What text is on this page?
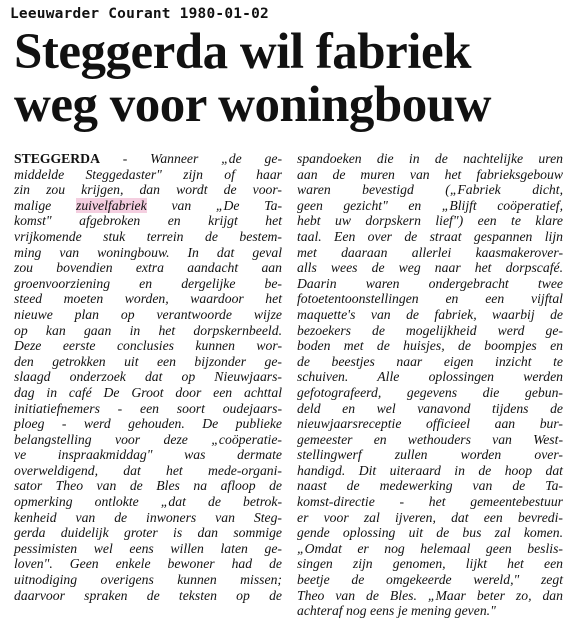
Leeuwarder Courant 1980-01-02
Steggerda wil fabriek
weg voor woningbouw
STEGGERDA - Wanneer „de ge-
middelde Steggedaster" zijn of haar
zin zou krijgen, dan wordt de voor-
malige zuivelfabriek van „De Ta-
komst" afgebroken en krijgt het
vrijkomende stuk terrein de bestem-
ming van woningbouw. In dat geval
zou bovendien extra aandacht aan
groenvoorziening en dergelijke be-
steed moeten worden, waardoor het
nieuwe plan op verantwoorde wijze
op kan gaan in het dorpskernbeeld.
Deze eerste conclusies kunnen wor-
den getrokken uit een bijzonder ge-
slaagd onderzoek dat op Nieuwjaars-
dag in café De Groot door een achttal
initiatiefnemers - een soort oudejaars-
ploeg - werd gehouden. De publieke
belangstelling voor deze „coöperatie-
ve inspraakmiddag" was dermate
overweldigend, dat het mede-organi-
sator Theo van de Bles na afloop de
opmerking ontlokte „dat de betrok-
kenheid van de inwoners van Steg-
gerda duidelijk groter is dan sommige
pessimisten wel eens willen laten ge-
loven". Geen enkele bewoner had de
uitnodiging overigens kunnen missen;
daarvoor spraken de teksten op de
spandoeken die in de nachtelijke uren
aan de muren van het fabrieksgebouw
waren bevestigd („Fabriek dicht,
geen gezicht" en „Blijft coöperatief,
hebt uw dorpskern lief") een te klare
taal. Een over de straat gespannen lijn
met daaraan allerlei kaasmakerover-
alls wees de weg naar het dorpscafé.
Daarin waren ondergebracht twee
fotoetentoonstellingen en een vijftal
maquette's van de fabriek, waarbij de
bezoekers de mogelijkheid werd ge-
boden met de huisjes, de boompjes en
de beestjes naar eigen inzicht te
schuiven. Alle oplossingen werden
gefotografeerd, gegevens die gebun-
deld en wel vanavond tijdens de
nieuwjaarsreceptie officieel aan bur-
gemeester en wethouders van West-
stellingwerf zullen worden over-
handigd. Dit uiteraard in de hoop dat
naast de medewerking van de Ta-
komst-directie - het gemeentebestuur
er voor zal ijveren, dat een bevredi-
gende oplossing uit de bus zal komen.
„Omdat er nog helemaal geen beslis-
singen zijn genomen, lijkt het een
beetje de omgekeerde wereld," zegt
Theo van de Bles. „Maar beter zo, dan
achteraf nog eens je mening geven."
